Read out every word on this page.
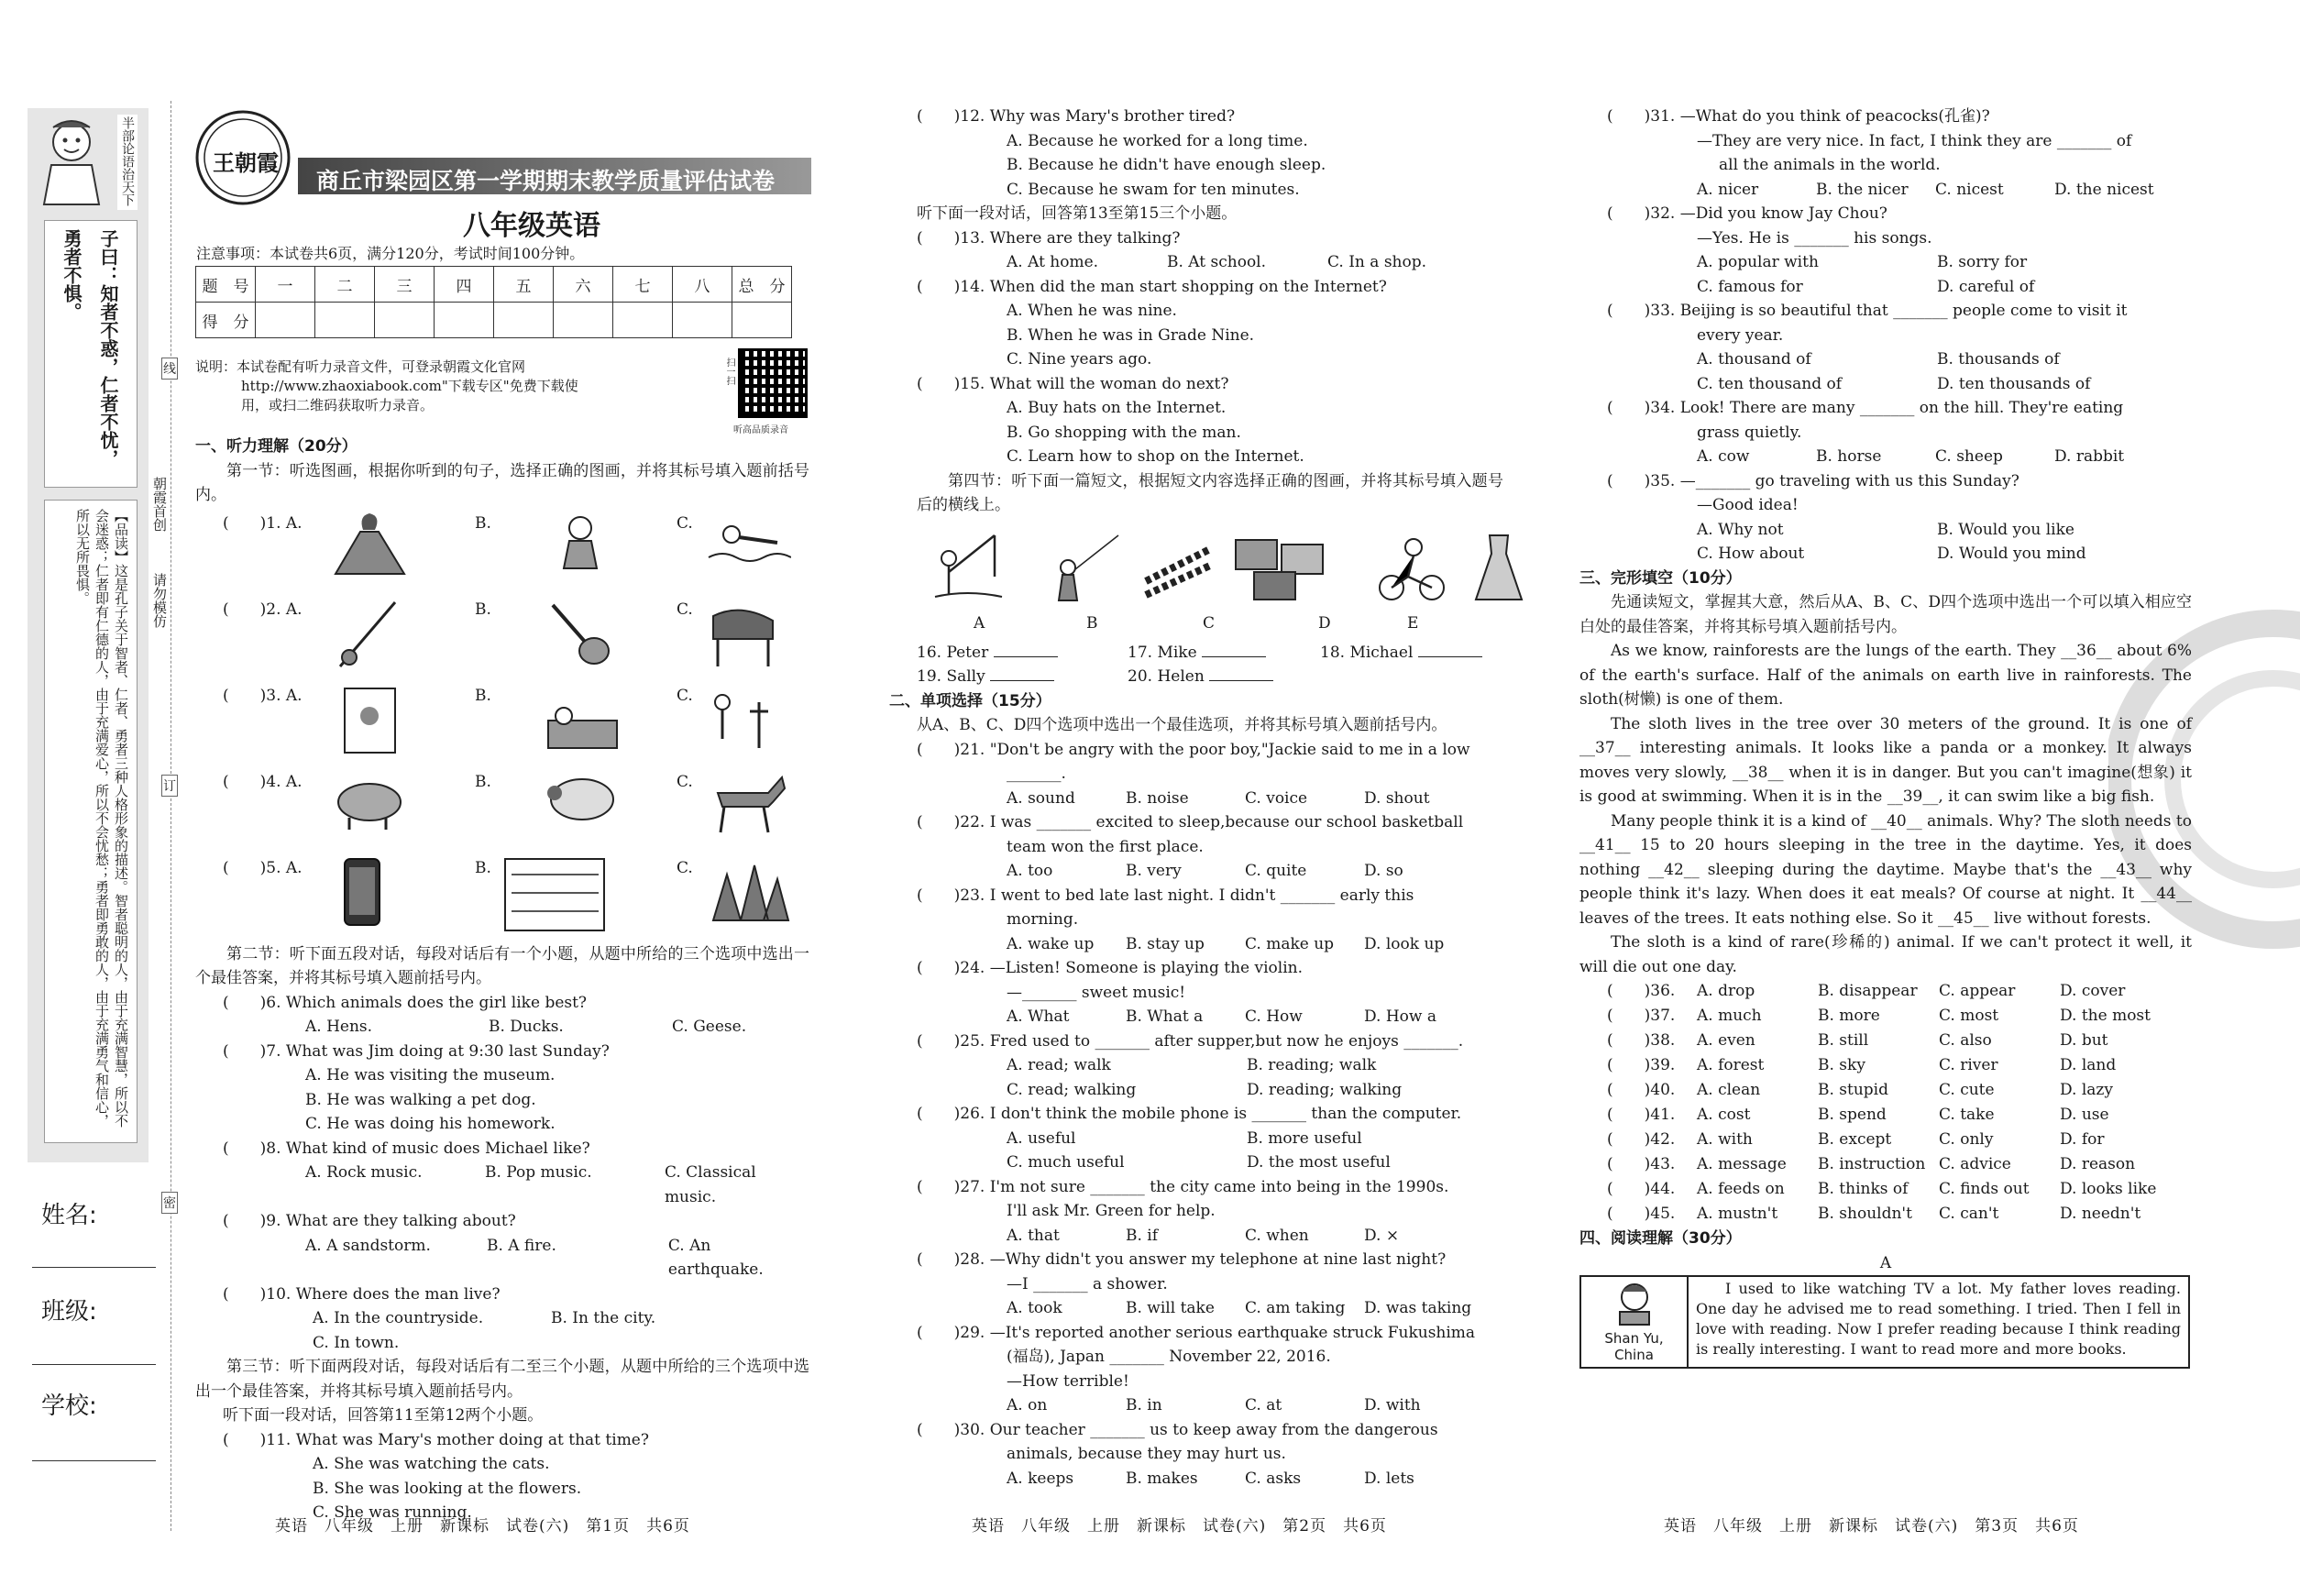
半部论语治天下
子曰：知者不惑，仁者不忧，勇者不惧。
【品读】这是孔子关于智者、仁者、勇者三种人格形象的描述。智者聪明的人，由于充满智慧，所以不会迷惑；仁者即有仁德的人，由于充满爱心，所以不会忧愁；勇者即勇敢的人，由于充满勇气和信心，所以无所畏惧。
姓名:
班级:
学校:
线
朝霞首创
请勿模仿
订
密
王朝霞
商丘市梁园区第一学期期末教学质量评估试卷
八年级英语
注意事项：本试卷共6页，满分120分，考试时间100分钟。
题　号	一	二	三	四	五	六	七	八	总　分
得　分									
说明：本试卷配有听力录音文件，可登录朝霞文化官网
http://www.zhaoxiabook.com"下载专区"免费下载使
用，或扫二维码获取听力录音。
扫一扫
听高品质录音
一、听力理解（20分）
第一节：听选图画，根据你听到的句子，选择正确的图画，并将其标号填入题前括号内。
(　　)1. A.	B.	C.
(　　)2. A.	B.	C.
(　　)3. A.	B.	C.
(　　)4. A.	B.	C.
(　　)5. A.	B.	C.
第二节：听下面五段对话，每段对话后有一个小题，从题中所给的三个选项中选出一个最佳答案，并将其标号填入题前括号内。
(　　)6. Which animals does the girl like best?
A. Hens.	B. Ducks.	C. Geese.
(　　)7. What was Jim doing at 9:30 last Sunday?
A. He was visiting the museum.
B. He was walking a pet dog.
C. He was doing his homework.
(　　)8. What kind of music does Michael like?
A. Rock music.	B. Pop music.	C. Classical music.
(　　)9. What are they talking about?
A. A sandstorm.	B. A fire.	C. An earthquake.
(　　)10. Where does the man live?
A. In the countryside.	B. In the city.
C. In town.
第三节：听下面两段对话，每段对话后有二至三个小题，从题中所给的三个选项中选出一个最佳答案，并将其标号填入题前括号内。
听下面一段对话，回答第11至第12两个小题。
(　　)11. What was Mary's mother doing at that time?
A. She was watching the cats.
B. She was looking at the flowers.
C. She was running.
英语　八年级　上册　新课标　试卷(六)　第1页　共6页
(　　)12. Why was Mary's brother tired?
A. Because he worked for a long time.
B. Because he didn't have enough sleep.
C. Because he swam for ten minutes.
听下面一段对话，回答第13至第15三个小题。
(　　)13. Where are they talking?
A. At home.	B. At school.	C. In a shop.
(　　)14. When did the man start shopping on the Internet?
A. When he was nine.
B. When he was in Grade Nine.
C. Nine years ago.
(　　)15. What will the woman do next?
A. Buy hats on the Internet.
B. Go shopping with the man.
C. Learn how to shop on the Internet.
第四节：听下面一篇短文，根据短文内容选择正确的图画，并将其标号填入题号后的横线上。
A	B	C	D	E
16. Peter	17. Mike	18. Michael
19. Sally	20. Helen
二、单项选择（15分）
从A、B、C、D四个选项中选出一个最佳选项，并将其标号填入题前括号内。
(　　)21. "Don't be angry with the poor boy,"Jackie said to me in a low
_______.
A. sound	B. noise	C. voice	D. shout
(　　)22. I was _______ excited to sleep,because our school basketball
team won the first place.
A. too	B. very	C. quite	D. so
(　　)23. I went to bed late last night. I didn't _______ early this
morning.
A. wake up	B. stay up	C. make up	D. look up
(　　)24. —Listen! Someone is playing the violin.
—_______ sweet music!
A. What	B. What a	C. How	D. How a
(　　)25. Fred used to _______ after supper,but now he enjoys _______.
A. read; walk	B. reading; walk
C. read; walking	D. reading; walking
(　　)26. I don't think the mobile phone is _______ than the computer.
A. useful	B. more useful
C. much useful	D. the most useful
(　　)27. I'm not sure _______ the city came into being in the 1990s.
I'll ask Mr. Green for help.
A. that	B. if	C. when	D. ×
(　　)28. —Why didn't you answer my telephone at nine last night?
—I _______ a shower.
A. took	B. will take	C. am taking	D. was taking
(　　)29. —It's reported another serious earthquake struck Fukushima
(福岛), Japan _______ November 22, 2016.
—How terrible!
A. on	B. in	C. at	D. with
(　　)30. Our teacher _______ us to keep away from the dangerous
animals, because they may hurt us.
A. keeps	B. makes	C. asks	D. lets
英语　八年级　上册　新课标　试卷(六)　第2页　共6页
(　　)31. —What do you think of peacocks(孔雀)?
—They are very nice. In fact, I think they are _______ of
all the animals in the world.
A. nicer	B. the nicer	C. nicest	D. the nicest
(　　)32. —Did you know Jay Chou?
—Yes. He is _______ his songs.
A. popular with	B. sorry for
C. famous for	D. careful of
(　　)33. Beijing is so beautiful that _______ people come to visit it
every year.
A. thousand of	B. thousands of
C. ten thousand of	D. ten thousands of
(　　)34. Look! There are many _______ on the hill. They're eating
grass quietly.
A. cow	B. horse	C. sheep	D. rabbit
(　　)35. —_______ go traveling with us this Sunday?
—Good idea!
A. Why not	B. Would you like
C. How about	D. Would you mind
三、完形填空（10分）
先通读短文，掌握其大意，然后从A、B、C、D四个选项中选出一个可以填入相应空白处的最佳答案，并将其标号填入题前括号内。
As we know, rainforests are the lungs of the earth. They __36__ about 6% of the earth's surface. Half of the animals on earth live in rainforests. The sloth(树懒) is one of them.
The sloth lives in the tree over 30 meters of the ground. It is one of __37__ interesting animals. It looks like a panda or a monkey. It always moves very slowly, __38__ when it is in danger. But you can't imagine(想象) it is good at swimming. When it is in the __39__, it can swim like a big fish.
Many people think it is a kind of __40__ animals. Why? The sloth needs to __41__ 15 to 20 hours sleeping in the tree in the daytime. Yes, it does nothing __42__ sleeping during the daytime. Maybe that's the __43__ why people think it's lazy. When does it eat meals? Of course at night. It __44__ leaves of the trees. It eats nothing else. So it __45__ live without forests.
The sloth is a kind of rare(珍稀的) animal. If we can't protect it well, it will die out one day.
(　　)36.	A. drop	B. disappear	C. appear	D. cover
(　　)37.	A. much	B. more	C. most	D. the most
(　　)38.	A. even	B. still	C. also	D. but
(　　)39.	A. forest	B. sky	C. river	D. land
(　　)40.	A. clean	B. stupid	C. cute	D. lazy
(　　)41.	A. cost	B. spend	C. take	D. use
(　　)42.	A. with	B. except	C. only	D. for
(　　)43.	A. message	B. instruction C. advice	D. reason
(　　)44.	A. feeds on	B. thinks of	C. finds out	D. looks like
(　　)45.	A. mustn't	B. shouldn't	C. can't	D. needn't
四、阅读理解（30分）
A
Shan Yu,
China
I used to like watching TV a lot. My father loves reading. One day he advised me to read something. I tried. Then I fell in love with reading. Now I prefer reading because I think reading is really interesting. I want to read more and more books.
英语　八年级　上册　新课标　试卷(六)　第3页　共6页
